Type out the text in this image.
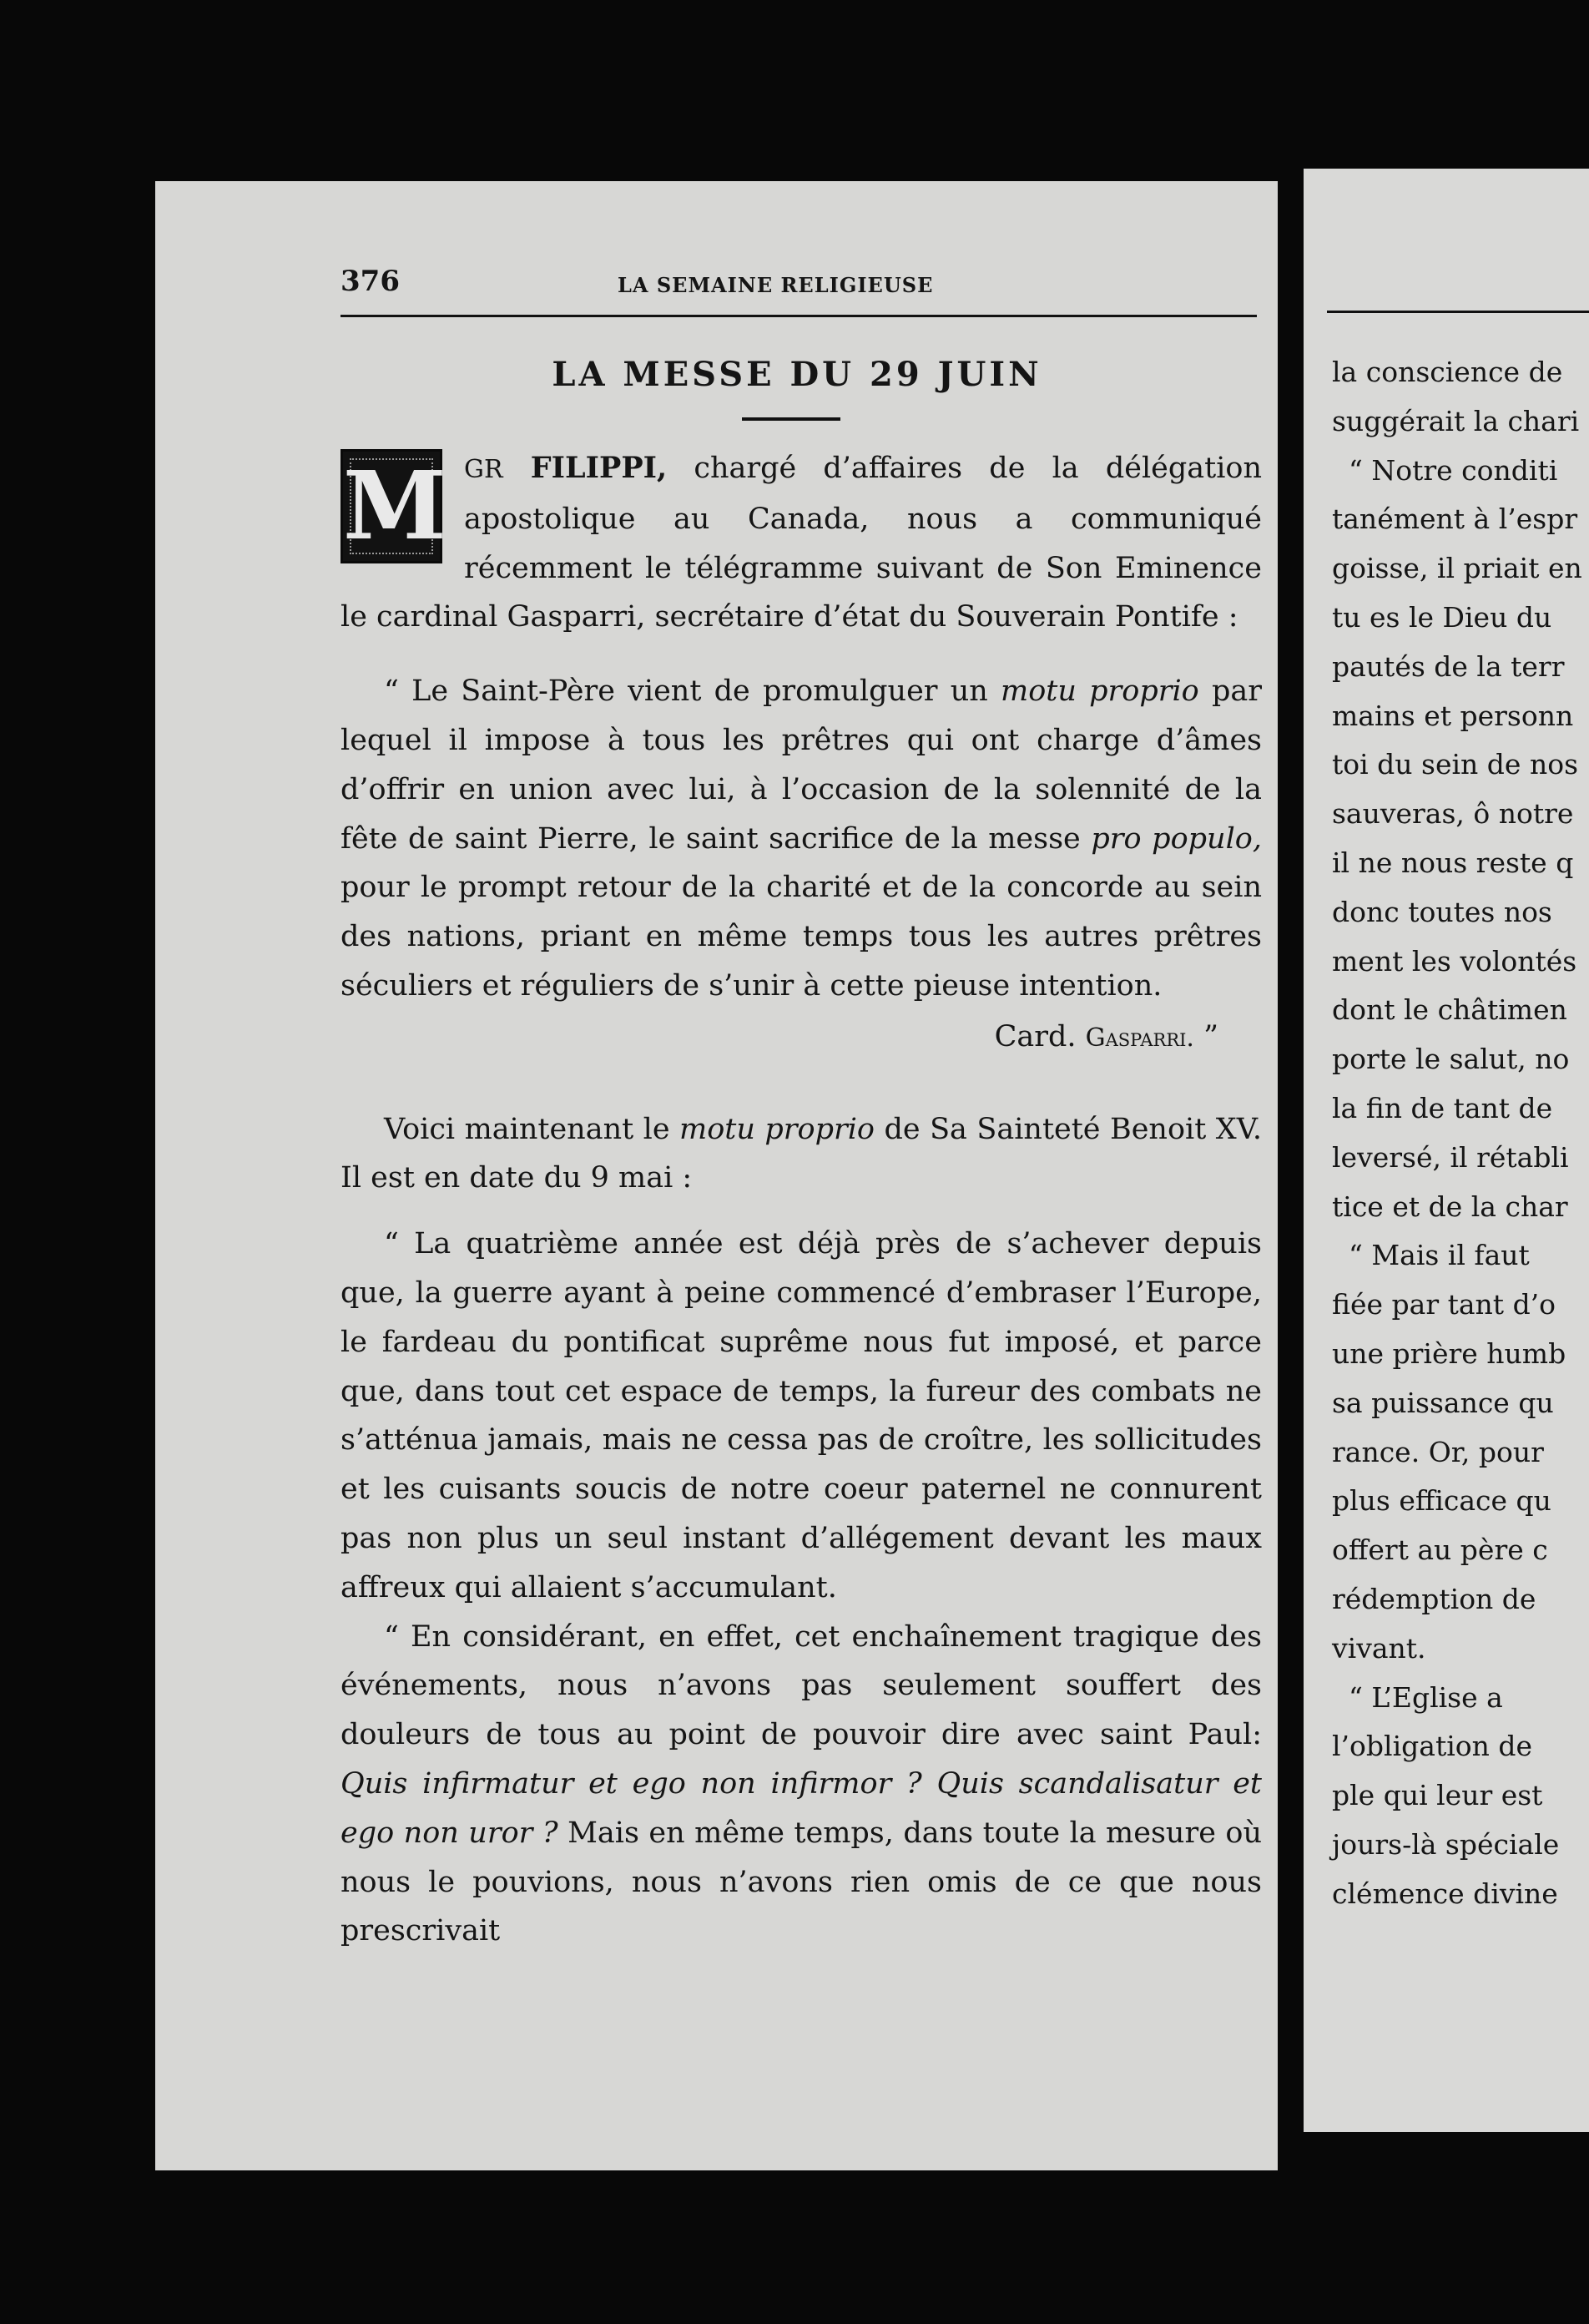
376	LA SEMAINE RELIGIEUSE
LA MESSE DU 29 JUIN
M GR FILIPPI, chargé d’affaires de la délégation apostolique au Canada, nous a communiqué récemment le télégramme suivant de Son Eminence le cardinal Gasparri, secrétaire d’état du Souverain Pontife :

“ Le Saint-Père vient de promulguer un motu proprio par lequel il impose à tous les prêtres qui ont charge d’âmes d’offrir en union avec lui, à l’occasion de la solennité de la fête de saint Pierre, le saint sacrifice de la messe pro populo, pour le prompt retour de la charité et de la concorde au sein des nations, priant en même temps tous les autres prêtres séculiers et réguliers de s’unir à cette pieuse intention.

Card. Gasparri. ”

Voici maintenant le motu proprio de Sa Sainteté Benoit XV. Il est en date du 9 mai :

“ La quatrième année est déjà près de s’achever depuis que, la guerre ayant à peine commencé d’embraser l’Europe, le fardeau du pontificat suprême nous fut imposé, et parce que, dans tout cet espace de temps, la fureur des combats ne s’atténua jamais, mais ne cessa pas de croître, les sollicitudes et les cuisants soucis de notre coeur paternel ne connurent pas non plus un seul instant d’allégement devant les maux affreux qui allaient s’accumulant.

“ En considérant, en effet, cet enchaînement tragique des événements, nous n’avons pas seulement souffert des douleurs de tous au point de pouvoir dire avec saint Paul: Quis infirmatur et ego non infirmor ? Quis scandalisatur et ego non uror ? Mais en même temps, dans toute la mesure où nous le pouvions, nous n’avons rien omis de ce que nous prescrivait

la conscience de
suggérait la chari
“ Notre conditi
tanément à l’espr
goisse, il priait en
tu es le Dieu du
pautés de la terr
mains et personn
toi du sein de nos
sauveras, ô notre
il ne nous reste q
donc toutes nos
ment les volontés
dont le châtimen
porte le salut, no
la fin de tant de
leversé, il rétabli
tice et de la char
“ Mais il faut
fiée par tant d’o
une prière humb
sa puissance qu
rance. Or, pour
plus efficace qu
offert au père c
rédemption de
vivant.
“ L’Eglise a
l’obligation de
ple qui leur est
jours-là spéciale
clémence divine
